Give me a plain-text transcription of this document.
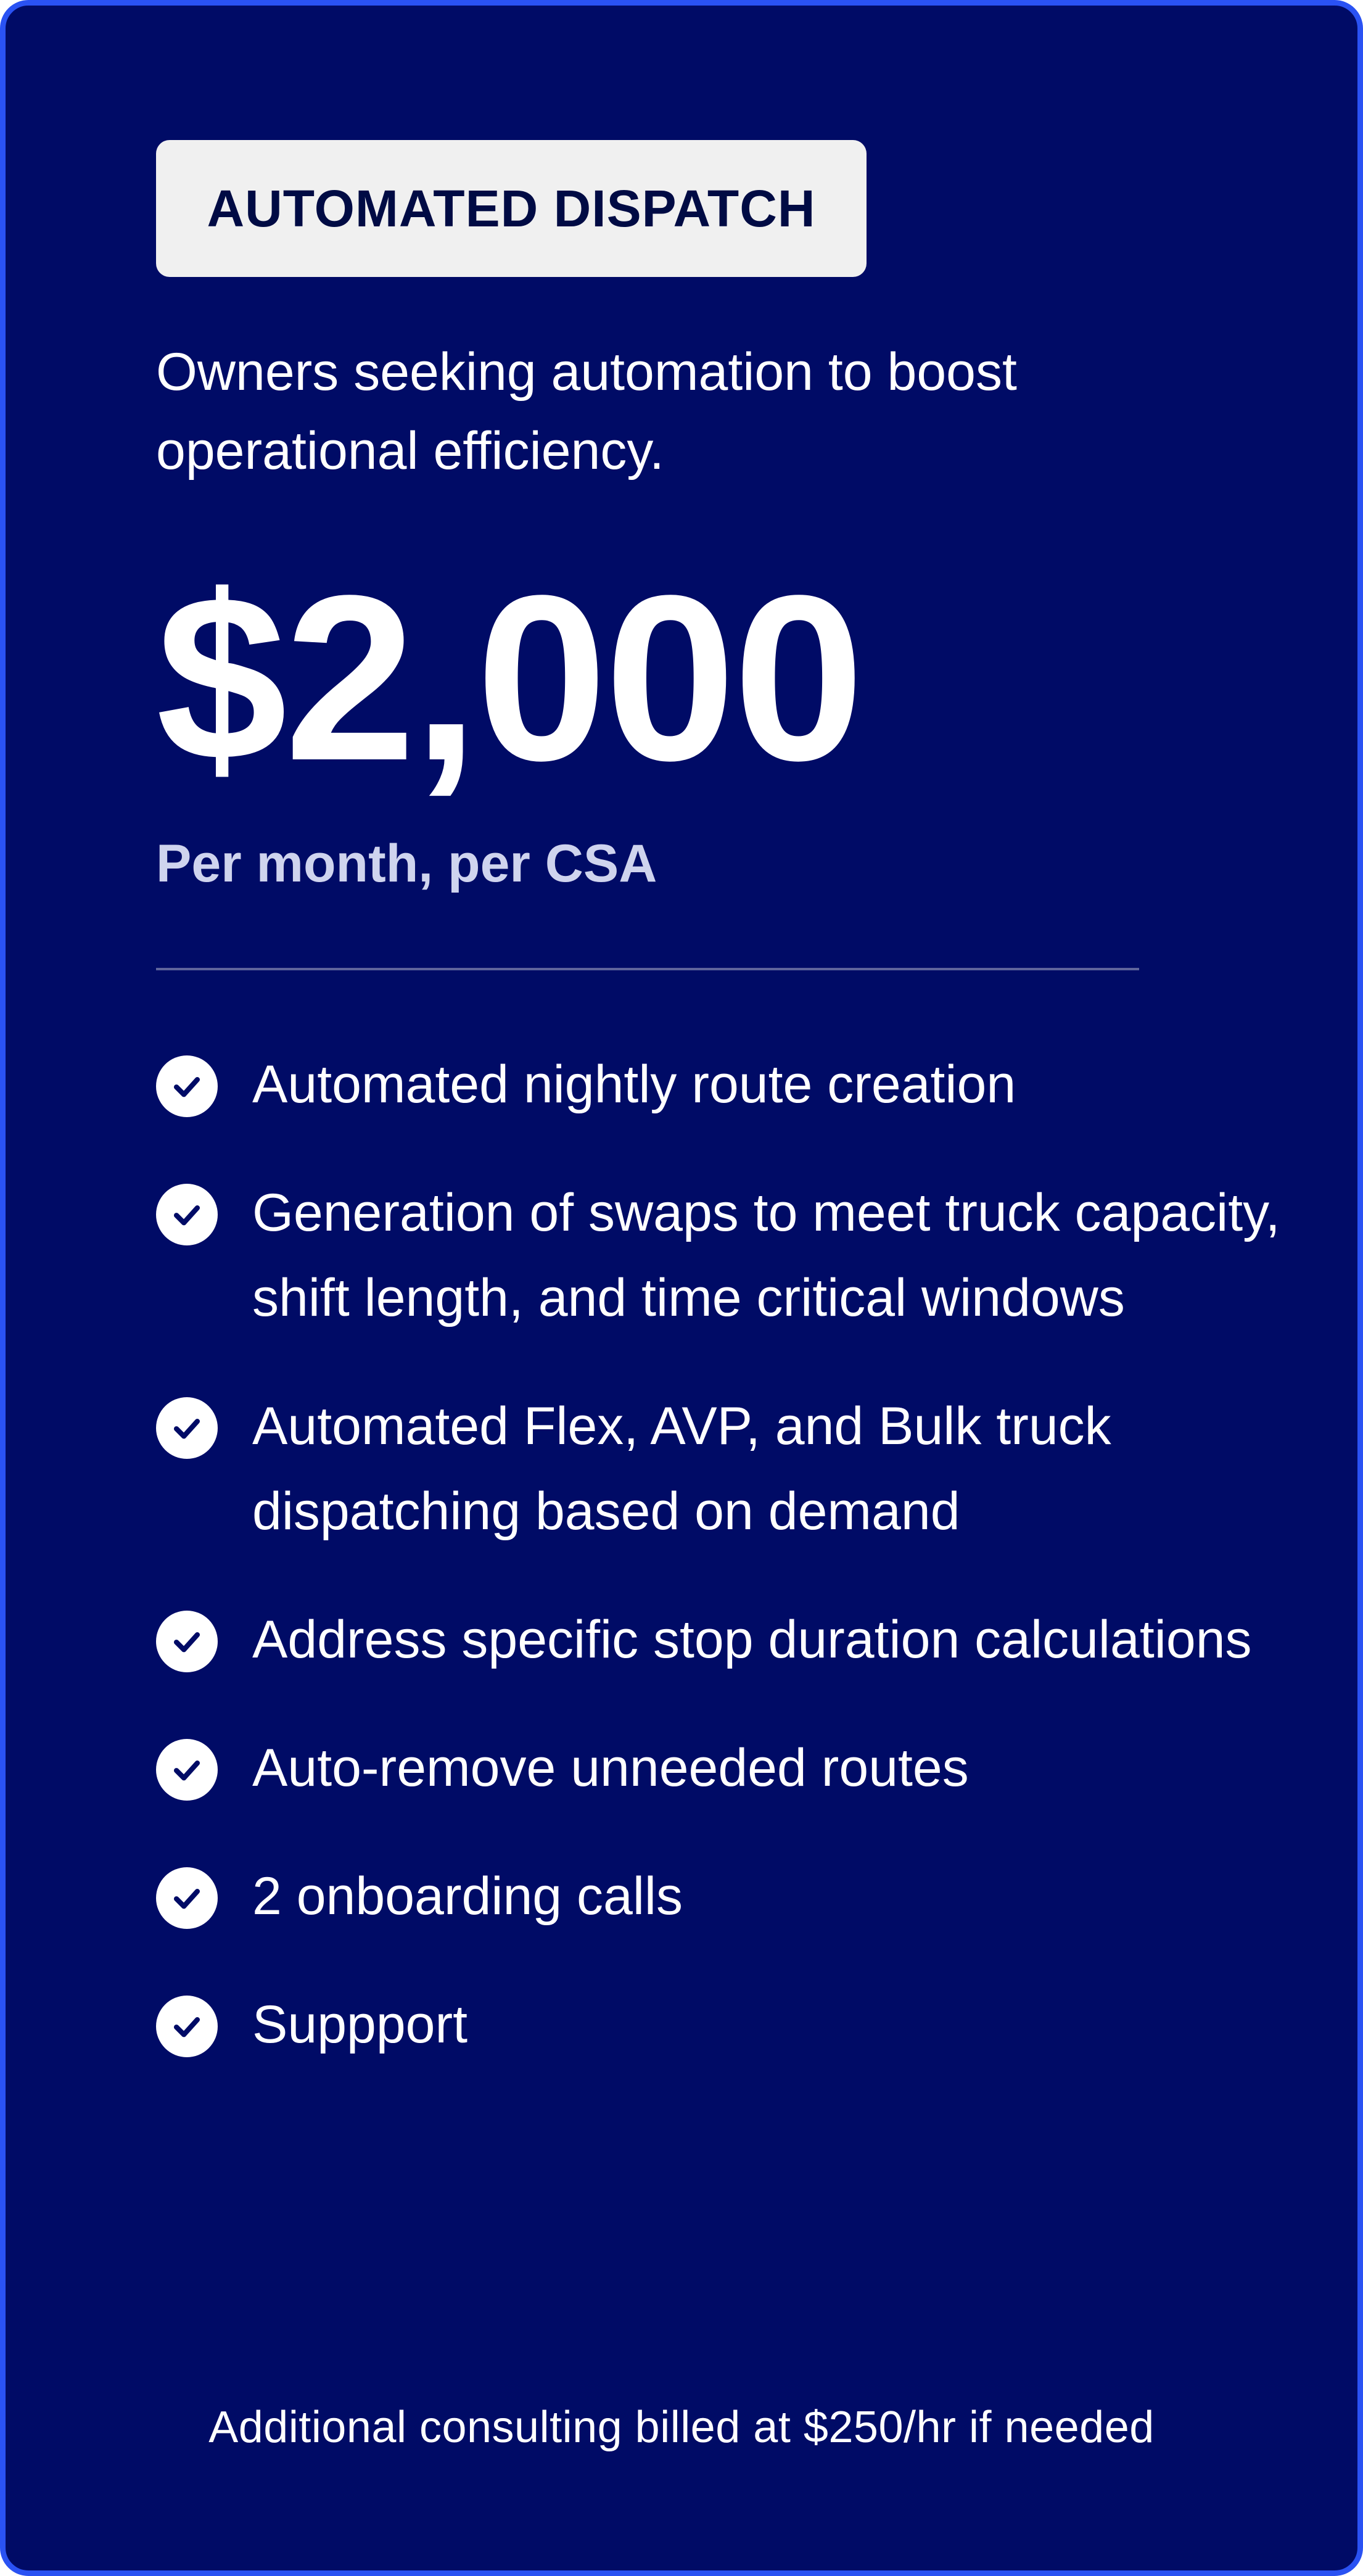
AUTOMATED DISPATCH
Owners seeking automation to boost operational efficiency.
$2,000
Per month, per CSA
Automated nightly route creation
Generation of swaps to meet truck capacity, shift length, and time critical windows
Automated Flex, AVP, and Bulk truck dispatching based on demand
Address specific stop duration calculations
Auto-remove unneeded routes
2 onboarding calls
Suppport
Additional consulting billed at $250/hr if needed
